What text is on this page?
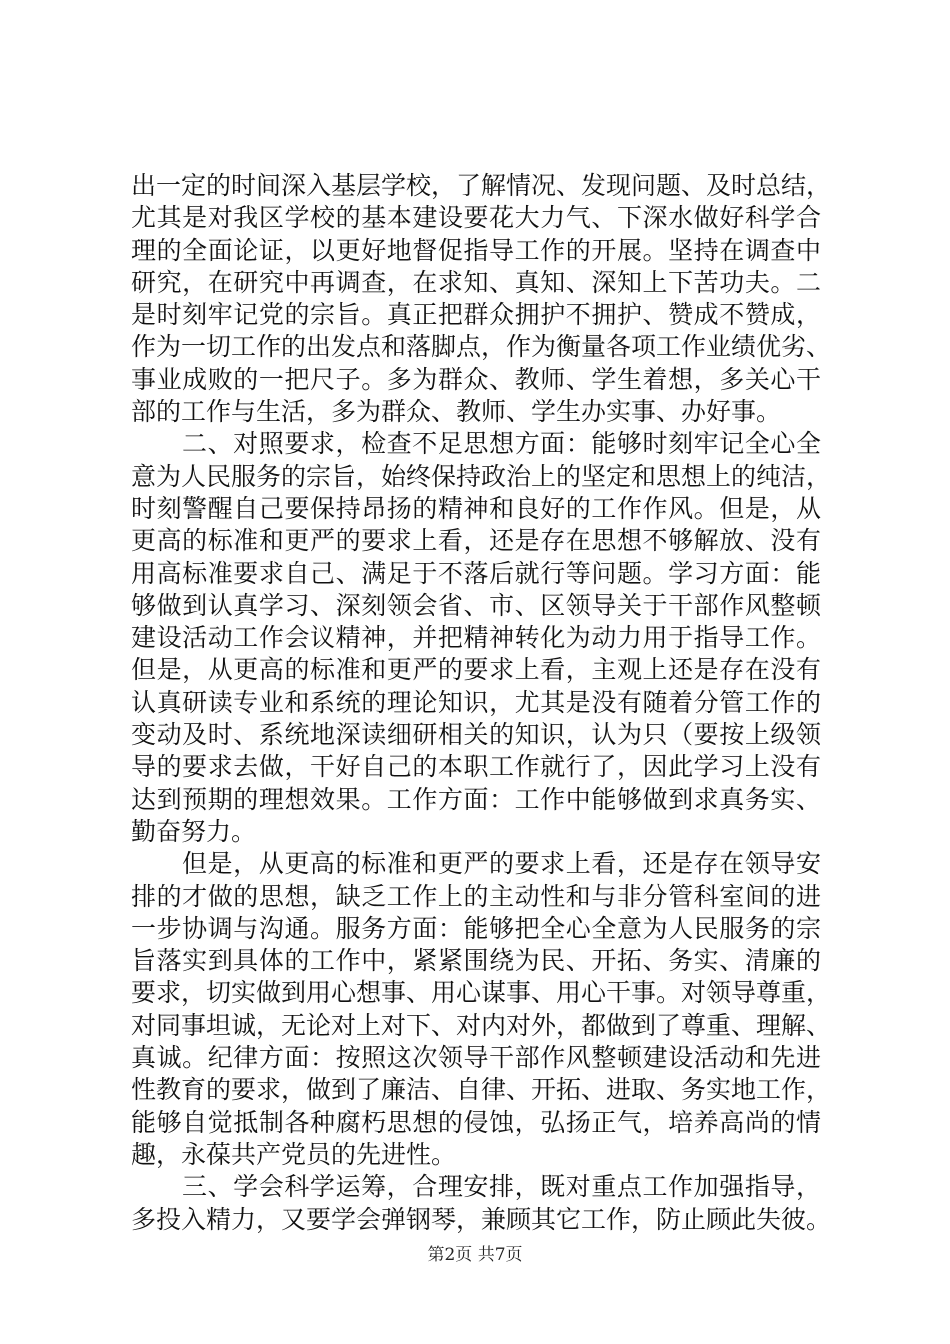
出一定的时间深入基层学校，了解情况、发现问题、及时总结，
尤其是对我区学校的基本建设要花大力气、下深水做好科学合
理的全面论证，以更好地督促指导工作的开展。坚持在调查中
研究，在研究中再调查，在求知、真知、深知上下苦功夫。二
是时刻牢记党的宗旨。真正把群众拥护不拥护、赞成不赞成，
作为一切工作的出发点和落脚点，作为衡量各项工作业绩优劣、
事业成败的一把尺子。多为群众、教师、学生着想，多关心干
部的工作与生活，多为群众、教师、学生办实事、办好事。
二、对照要求，检查不足思想方面：能够时刻牢记全心全
意为人民服务的宗旨，始终保持政治上的坚定和思想上的纯洁，
时刻警醒自己要保持昂扬的精神和良好的工作作风。但是，从
更高的标准和更严的要求上看，还是存在思想不够解放、没有
用高标准要求自己、满足于不落后就行等问题。学习方面：能
够做到认真学习、深刻领会省、市、区领导关于干部作风整顿
建设活动工作会议精神，并把精神转化为动力用于指导工作。
但是，从更高的标准和更严的要求上看，主观上还是存在没有
认真研读专业和系统的理论知识，尤其是没有随着分管工作的
变动及时、系统地深读细研相关的知识，认为只（要按上级领
导的要求去做，干好自己的本职工作就行了，因此学习上没有
达到预期的理想效果。工作方面：工作中能够做到求真务实、
勤奋努力。
但是，从更高的标准和更严的要求上看，还是存在领导安
排的才做的思想，缺乏工作上的主动性和与非分管科室间的进
一步协调与沟通。服务方面：能够把全心全意为人民服务的宗
旨落实到具体的工作中，紧紧围绕为民、开拓、务实、清廉的
要求，切实做到用心想事、用心谋事、用心干事。对领导尊重，
对同事坦诚，无论对上对下、对内对外，都做到了尊重、理解、
真诚。纪律方面：按照这次领导干部作风整顿建设活动和先进
性教育的要求，做到了廉洁、自律、开拓、进取、务实地工作，
能够自觉抵制各种腐朽思想的侵蚀，弘扬正气，培养高尚的情
趣，永葆共产党员的先进性。
三、学会科学运筹，合理安排，既对重点工作加强指导，
多投入精力，又要学会弹钢琴，兼顾其它工作，防止顾此失彼。
第2页 共7页
